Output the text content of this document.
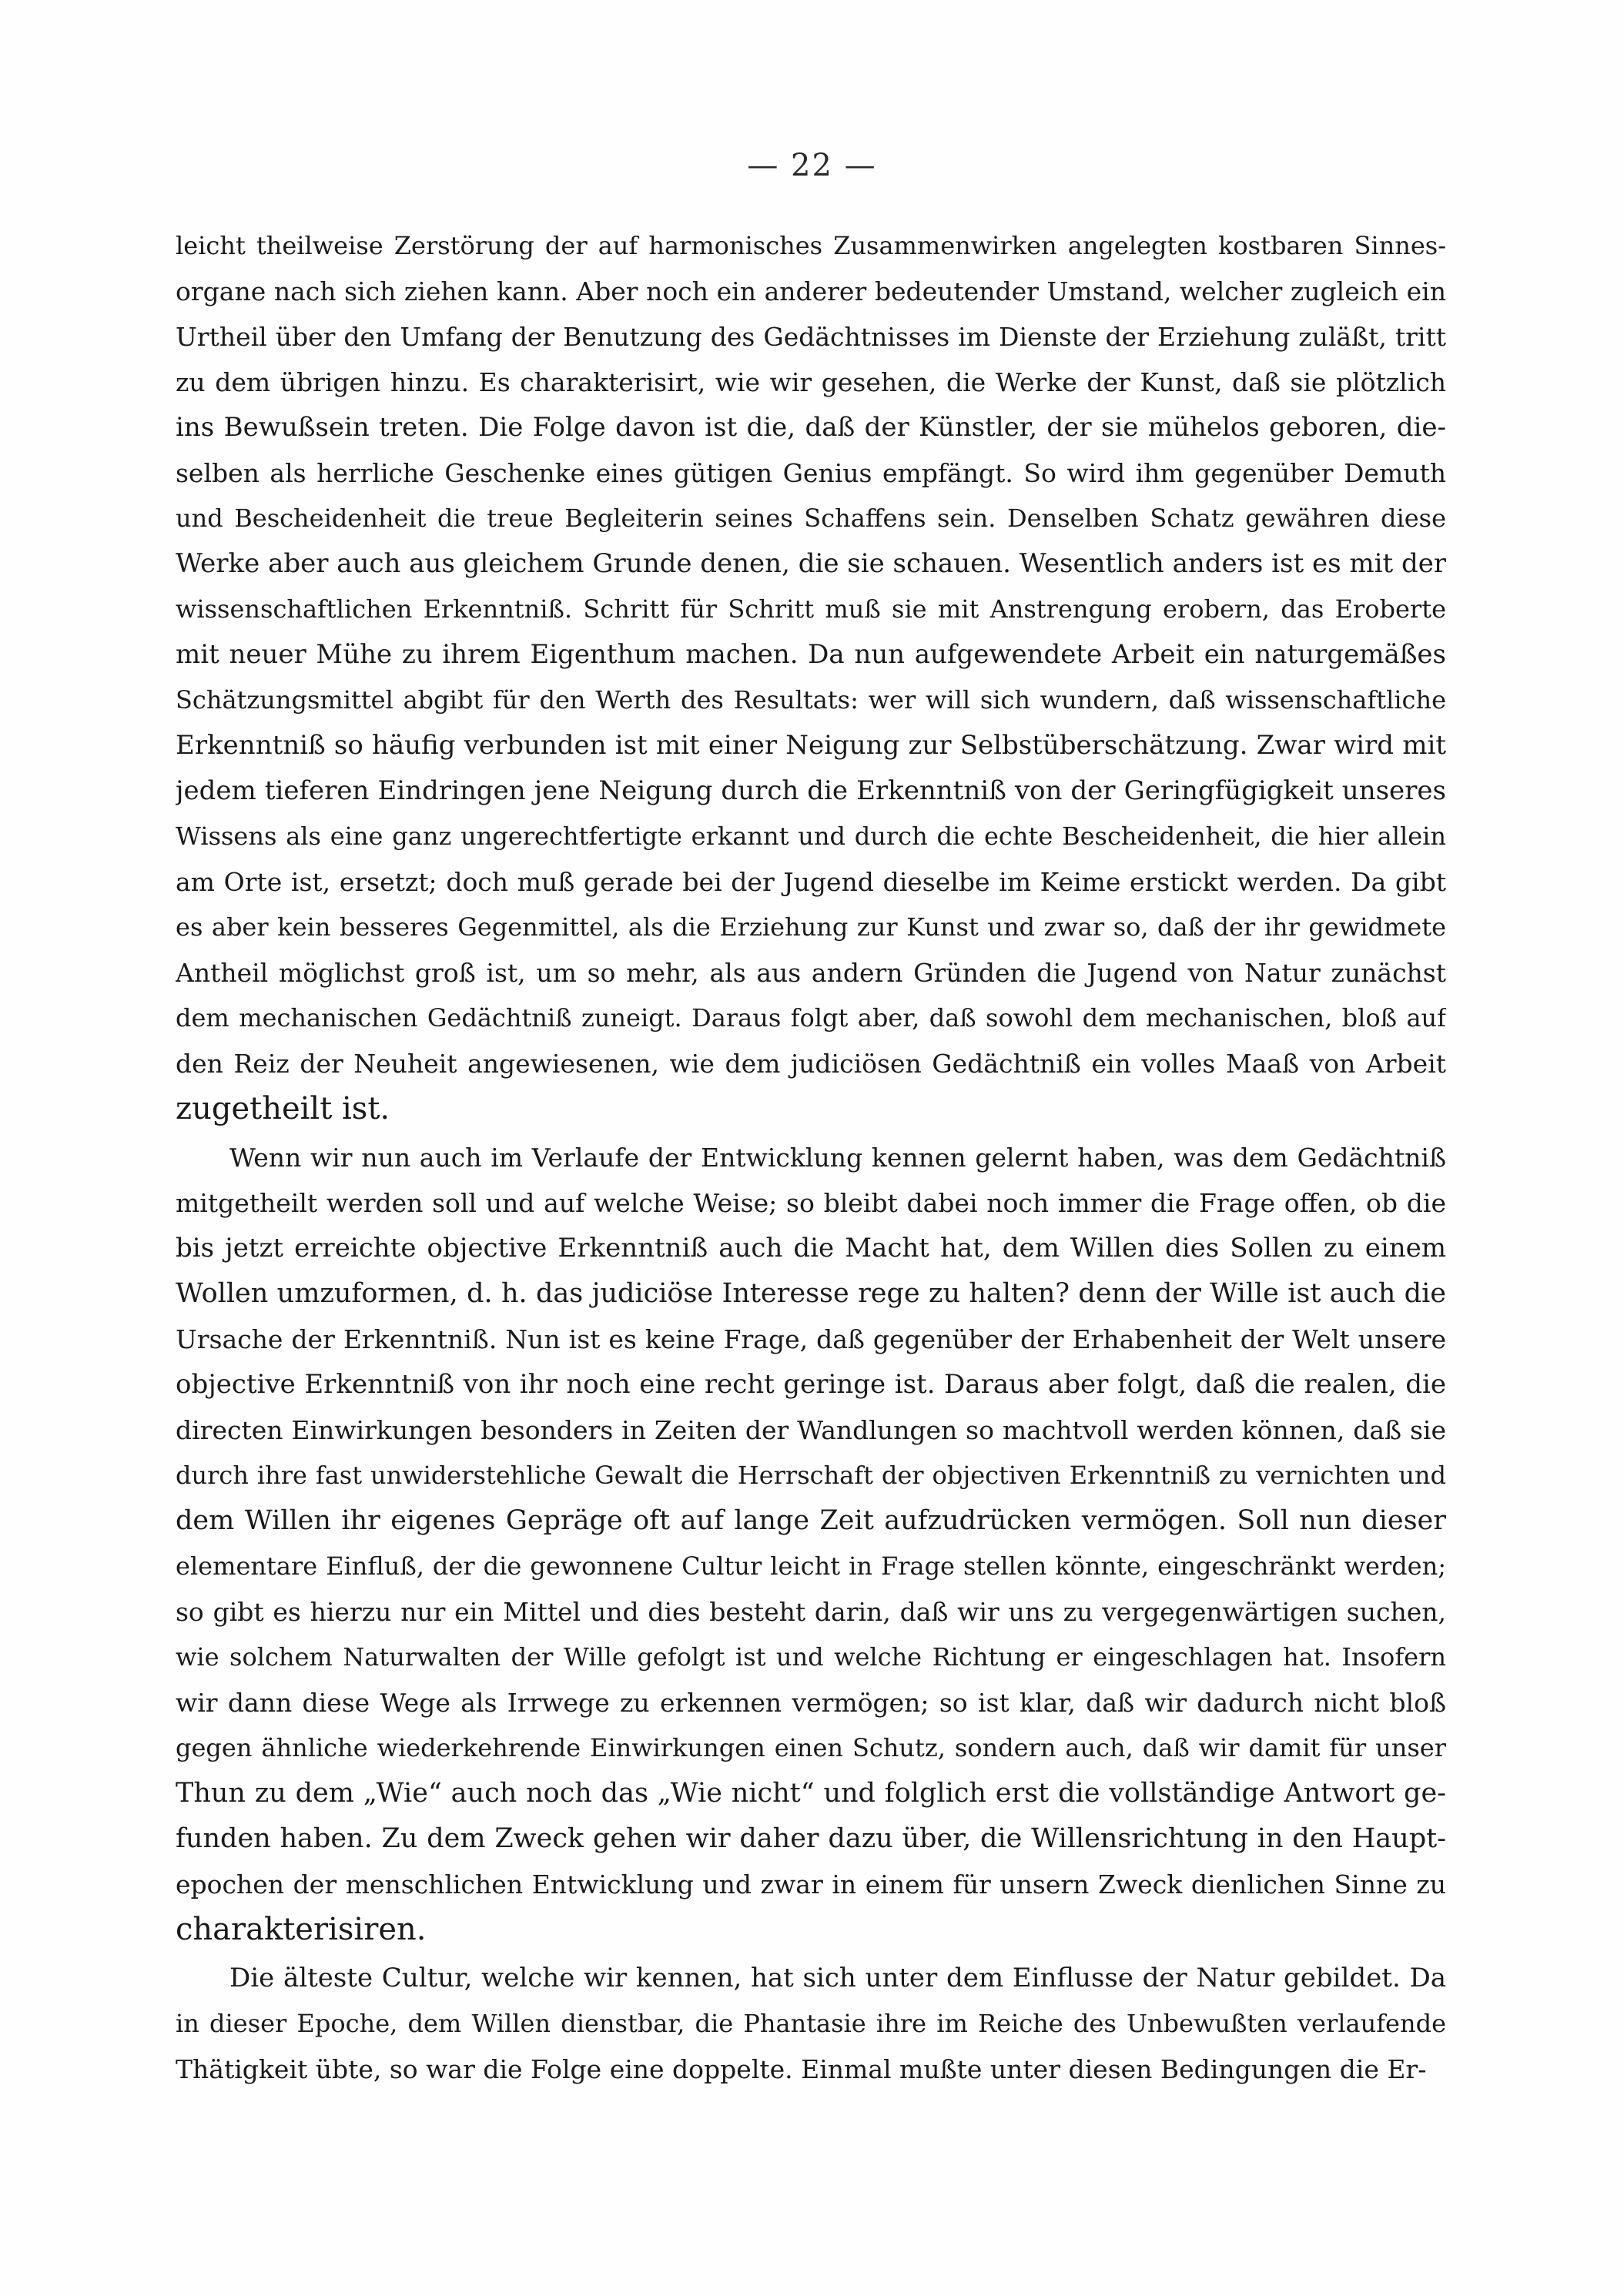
— 22 —
leicht theilweise Zerstörung der auf harmonisches Zusammenwirken angelegten kostbaren Sinnes-
organe nach sich ziehen kann. Aber noch ein anderer bedeutender Umstand, welcher zugleich ein
Urtheil über den Umfang der Benutzung des Gedächtnisses im Dienste der Erziehung zuläßt, tritt
zu dem übrigen hinzu. Es charakterisirt, wie wir gesehen, die Werke der Kunst, daß sie plötzlich
ins Bewußsein treten. Die Folge davon ist die, daß der Künstler, der sie mühelos geboren, die-
selben als herrliche Geschenke eines gütigen Genius empfängt. So wird ihm gegenüber Demuth
und Bescheidenheit die treue Begleiterin seines Schaffens sein. Denselben Schatz gewähren diese
Werke aber auch aus gleichem Grunde denen, die sie schauen. Wesentlich anders ist es mit der
wissenschaftlichen Erkenntniß. Schritt für Schritt muß sie mit Anstrengung erobern, das Eroberte
mit neuer Mühe zu ihrem Eigenthum machen. Da nun aufgewendete Arbeit ein naturgemäßes
Schätzungsmittel abgibt für den Werth des Resultats: wer will sich wundern, daß wissenschaftliche
Erkenntniß so häufig verbunden ist mit einer Neigung zur Selbstüberschätzung. Zwar wird mit
jedem tieferen Eindringen jene Neigung durch die Erkenntniß von der Geringfügigkeit unseres
Wissens als eine ganz ungerechtfertigte erkannt und durch die echte Bescheidenheit, die hier allein
am Orte ist, ersetzt; doch muß gerade bei der Jugend dieselbe im Keime erstickt werden. Da gibt
es aber kein besseres Gegenmittel, als die Erziehung zur Kunst und zwar so, daß der ihr gewidmete
Antheil möglichst groß ist, um so mehr, als aus andern Gründen die Jugend von Natur zunächst
dem mechanischen Gedächtniß zuneigt. Daraus folgt aber, daß sowohl dem mechanischen, bloß auf
den Reiz der Neuheit angewiesenen, wie dem judiciösen Gedächtniß ein volles Maaß von Arbeit
zugetheilt ist.
Wenn wir nun auch im Verlaufe der Entwicklung kennen gelernt haben, was dem Gedächtniß
mitgetheilt werden soll und auf welche Weise; so bleibt dabei noch immer die Frage offen, ob die
bis jetzt erreichte objective Erkenntniß auch die Macht hat, dem Willen dies Sollen zu einem
Wollen umzuformen, d. h. das judiciöse Interesse rege zu halten? denn der Wille ist auch die
Ursache der Erkenntniß. Nun ist es keine Frage, daß gegenüber der Erhabenheit der Welt unsere
objective Erkenntniß von ihr noch eine recht geringe ist. Daraus aber folgt, daß die realen, die
directen Einwirkungen besonders in Zeiten der Wandlungen so machtvoll werden können, daß sie
durch ihre fast unwiderstehliche Gewalt die Herrschaft der objectiven Erkenntniß zu vernichten und
dem Willen ihr eigenes Gepräge oft auf lange Zeit aufzudrücken vermögen. Soll nun dieser
elementare Einfluß, der die gewonnene Cultur leicht in Frage stellen könnte, eingeschränkt werden;
so gibt es hierzu nur ein Mittel und dies besteht darin, daß wir uns zu vergegenwärtigen suchen,
wie solchem Naturwalten der Wille gefolgt ist und welche Richtung er eingeschlagen hat. Insofern
wir dann diese Wege als Irrwege zu erkennen vermögen; so ist klar, daß wir dadurch nicht bloß
gegen ähnliche wiederkehrende Einwirkungen einen Schutz, sondern auch, daß wir damit für unser
Thun zu dem „Wie“ auch noch das „Wie nicht“ und folglich erst die vollständige Antwort ge-
funden haben. Zu dem Zweck gehen wir daher dazu über, die Willensrichtung in den Haupt-
epochen der menschlichen Entwicklung und zwar in einem für unsern Zweck dienlichen Sinne zu
charakterisiren.
Die älteste Cultur, welche wir kennen, hat sich unter dem Einflusse der Natur gebildet. Da
in dieser Epoche, dem Willen dienstbar, die Phantasie ihre im Reiche des Unbewußten verlaufende
Thätigkeit übte, so war die Folge eine doppelte. Einmal mußte unter diesen Bedingungen die Er-
